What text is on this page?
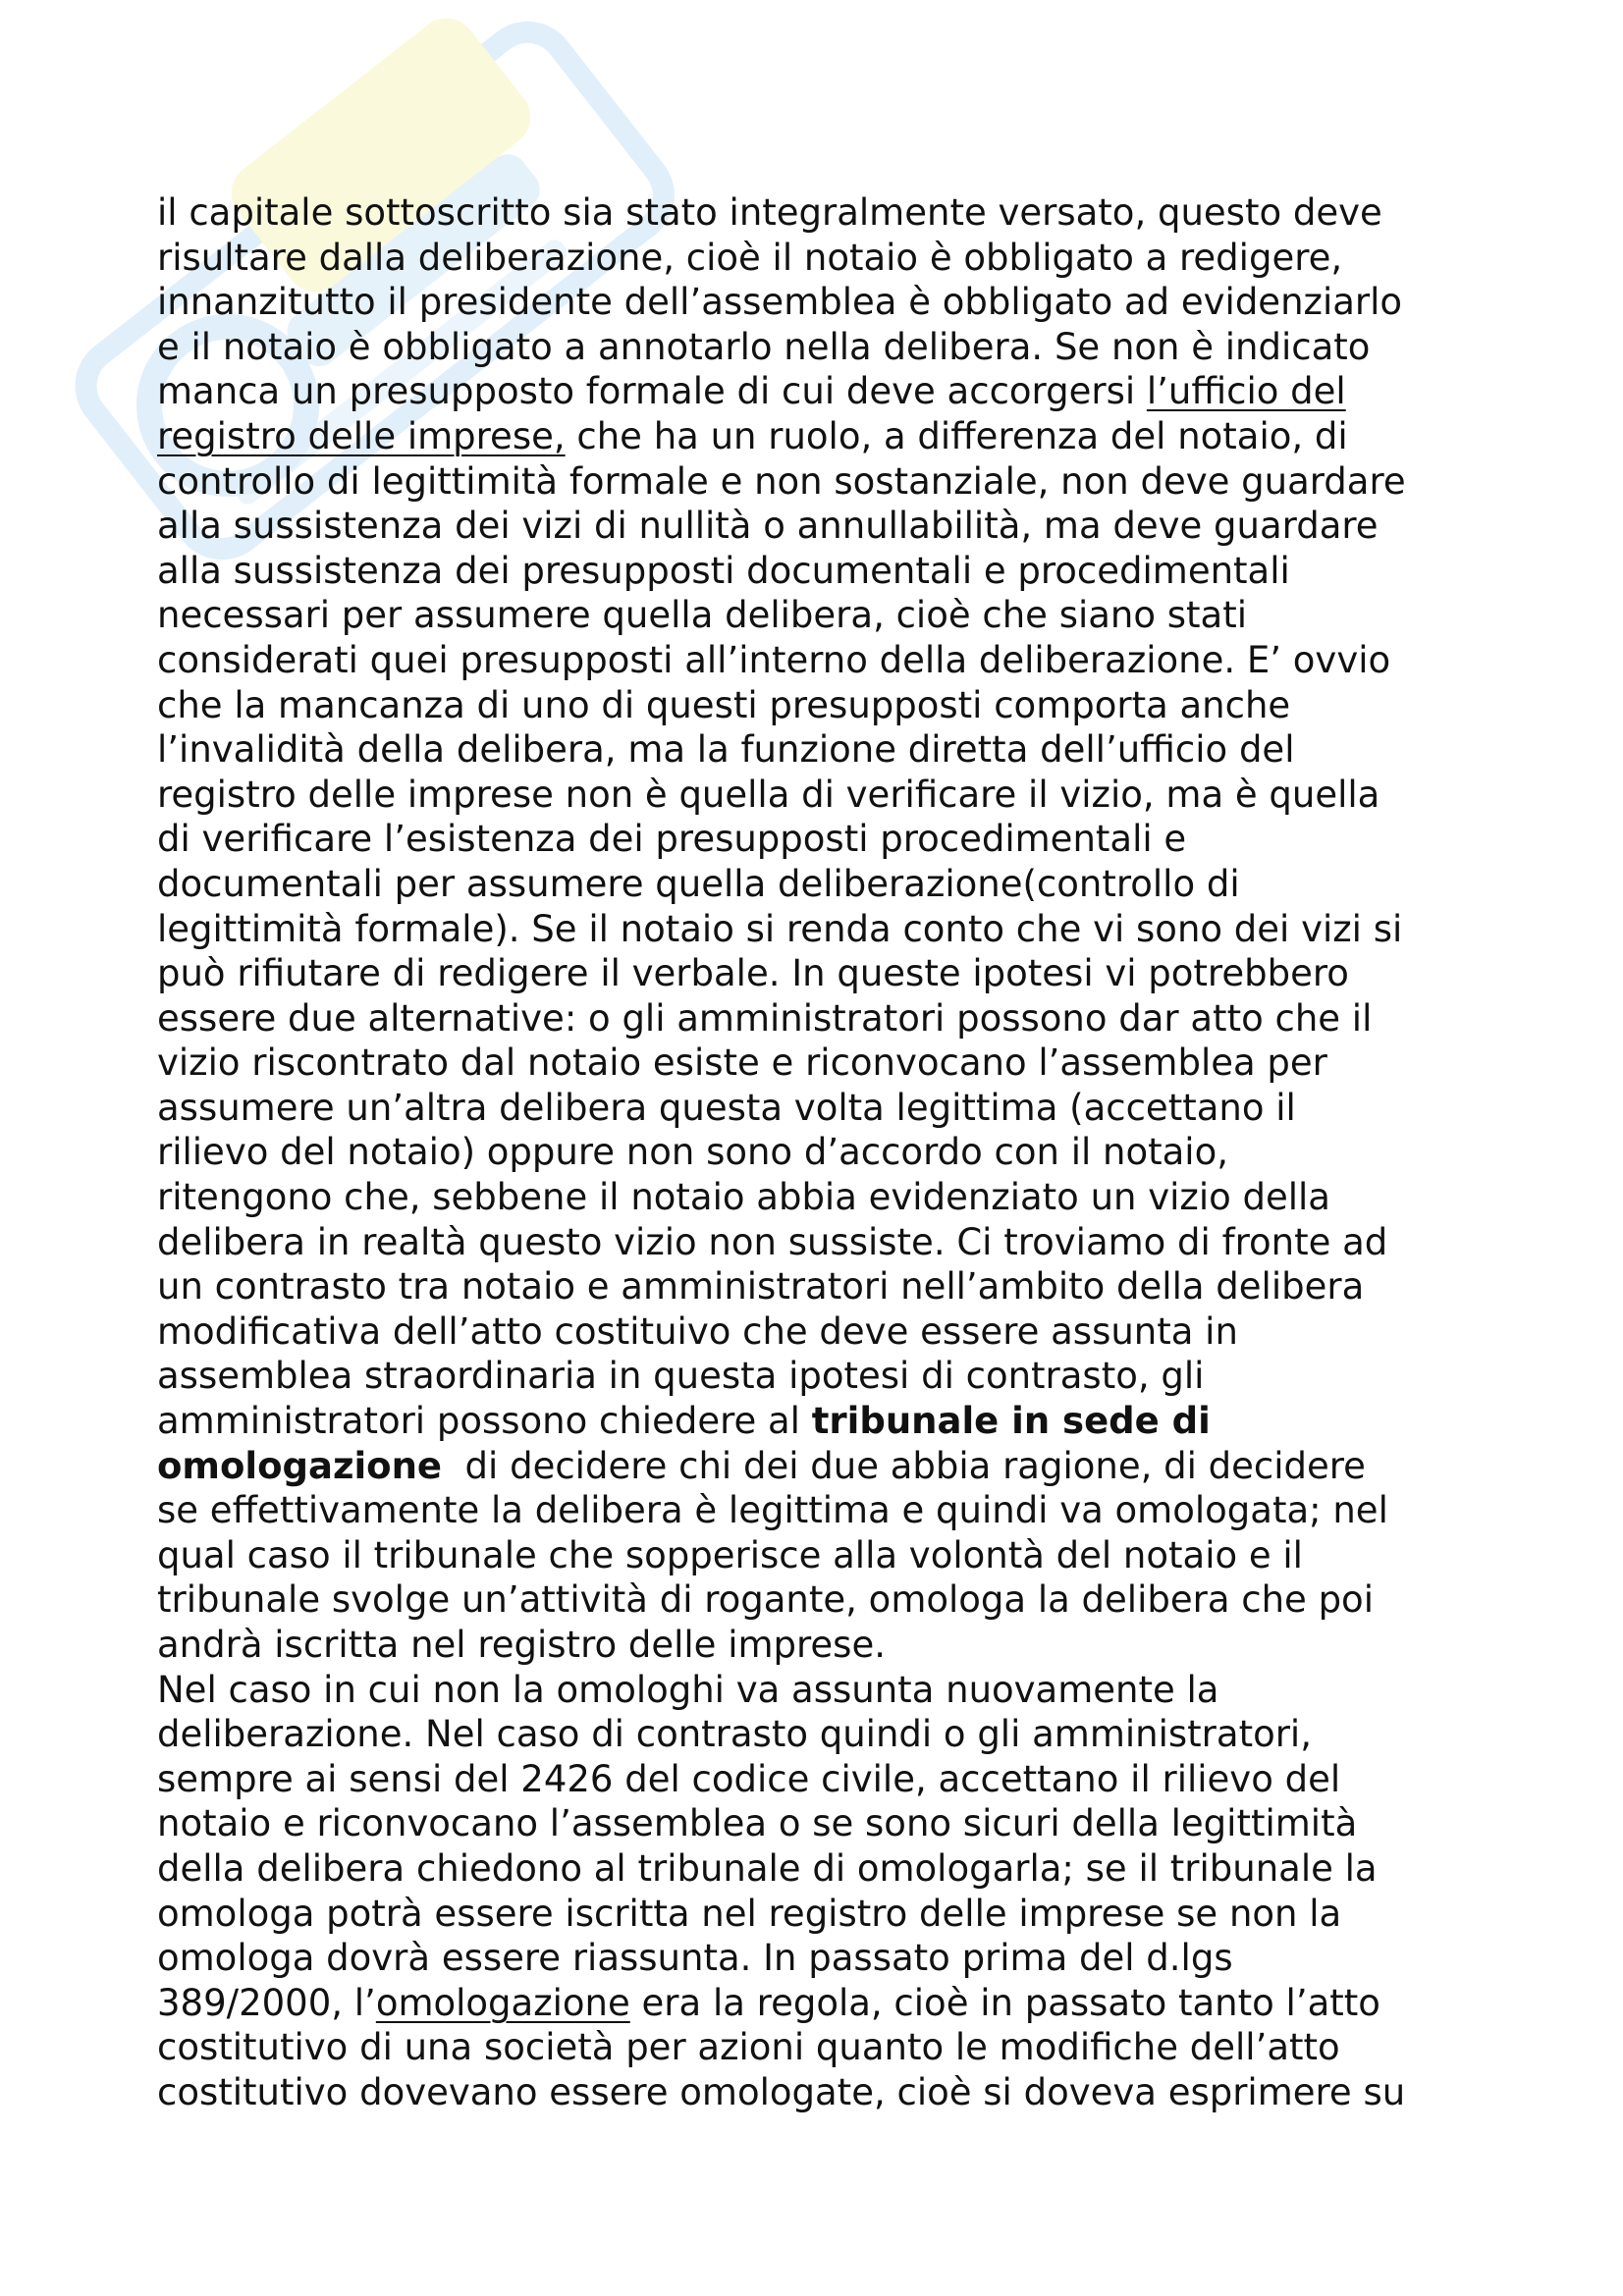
il capitale sottoscritto sia stato integralmente versato, questo deve
risultare dalla deliberazione, cioè il notaio è obbligato a redigere,
innanzitutto il presidente dell’assemblea è obbligato ad evidenziarlo
e il notaio è obbligato a annotarlo nella delibera. Se non è indicato
manca un presupposto formale di cui deve accorgersi l’ufficio del
registro delle imprese, che ha un ruolo, a differenza del notaio, di
controllo di legittimità formale e non sostanziale, non deve guardare
alla sussistenza dei vizi di nullità o annullabilità, ma deve guardare
alla sussistenza dei presupposti documentali e procedimentali
necessari per assumere quella delibera, cioè che siano stati
considerati quei presupposti all’interno della deliberazione. E’ ovvio
che la mancanza di uno di questi presupposti comporta anche
l’invalidità della delibera, ma la funzione diretta dell’ufficio del
registro delle imprese non è quella di verificare il vizio, ma è quella
di verificare l’esistenza dei presupposti procedimentali e
documentali per assumere quella deliberazione(controllo di
legittimità formale). Se il notaio si renda conto che vi sono dei vizi si
può rifiutare di redigere il verbale. In queste ipotesi vi potrebbero
essere due alternative: o gli amministratori possono dar atto che il
vizio riscontrato dal notaio esiste e riconvocano l’assemblea per
assumere un’altra delibera questa volta legittima (accettano il
rilievo del notaio) oppure non sono d’accordo con il notaio,
ritengono che, sebbene il notaio abbia evidenziato un vizio della
delibera in realtà questo vizio non sussiste. Ci troviamo di fronte ad
un contrasto tra notaio e amministratori nell’ambito della delibera
modificativa dell’atto costituivo che deve essere assunta in
assemblea straordinaria in questa ipotesi di contrasto, gli
amministratori possono chiedere al tribunale in sede di
omologazione  di decidere chi dei due abbia ragione, di decidere
se effettivamente la delibera è legittima e quindi va omologata; nel
qual caso il tribunale che sopperisce alla volontà del notaio e il
tribunale svolge un’attività di rogante, omologa la delibera che poi
andrà iscritta nel registro delle imprese.

Nel caso in cui non la omologhi va assunta nuovamente la
deliberazione. Nel caso di contrasto quindi o gli amministratori,
sempre ai sensi del 2426 del codice civile, accettano il rilievo del
notaio e riconvocano l’assemblea o se sono sicuri della legittimità
della delibera chiedono al tribunale di omologarla; se il tribunale la
omologa potrà essere iscritta nel registro delle imprese se non la
omologa dovrà essere riassunta. In passato prima del d.lgs
389/2000, l’omologazione era la regola, cioè in passato tanto l’atto
costitutivo di una società per azioni quanto le modifiche dell’atto
costitutivo dovevano essere omologate, cioè si doveva esprimere su
